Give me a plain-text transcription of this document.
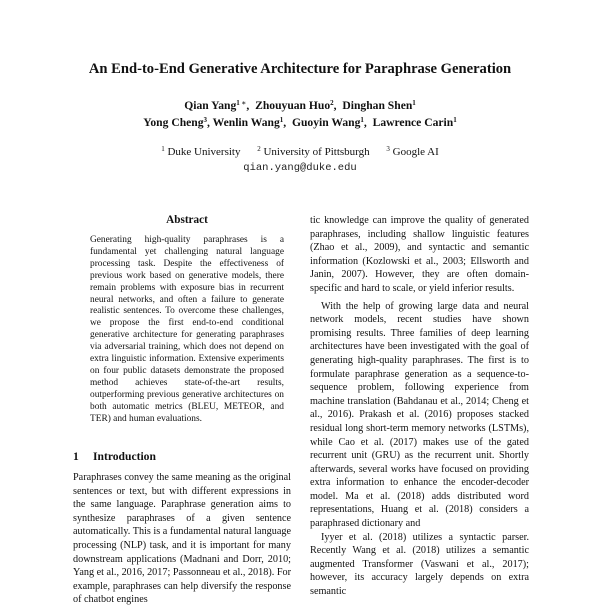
An End-to-End Generative Architecture for Paraphrase Generation
Qian Yang$^{1 ∗}$,  Zhouyuan Huo$^2$,  Dinghan Shen$^1$
Yong Cheng$^3$, Wenlin Wang$^1$,  Guoyin Wang$^1$,  Lawrence Carin$^1$
$^1$ Duke University $^2$ University of Pittsburgh $^3$ Google AI
qian.yang@duke.edu
Abstract

Generating high-quality paraphrases is a fundamental yet challenging natural language processing task. Despite the effectiveness of previous work based on generative models, there remain problems with exposure bias in recurrent neural networks, and often a failure to generate realistic sentences. To overcome these challenges, we propose the first end-to-end conditional generative architecture for generating paraphrases via adversarial training, which does not depend on extra linguistic information. Extensive experiments on four public datasets demonstrate the proposed method achieves state-of-the-art results, outperforming previous generative architectures on both automatic metrics (BLEU, METEOR, and TER) and human evaluations.

1 Introduction

Paraphrases convey the same meaning as the original sentences or text, but with different expressions in the same language. Paraphrase generation aims to synthesize paraphrases of a given sentence automatically. This is a fundamental natural language processing (NLP) task, and it is important for many downstream applications (Madnani and Dorr, 2010; Yang et al., 2016, 2017; Passonneau et al., 2018). For example, paraphrases can help diversify the response of chatbot engines

tic knowledge can improve the quality of generated paraphrases, including shallow linguistic features (Zhao et al., 2009), and syntactic and semantic information (Kozlowski et al., 2003; Ellsworth and Janin, 2007). However, they are often domain-specific and hard to scale, or yield inferior results.

With the help of growing large data and neural network models, recent studies have shown promising results. Three families of deep learning architectures have been investigated with the goal of generating high-quality paraphrases. The first is to formulate paraphrase generation as a sequence-to-sequence problem, following experience from machine translation (Bahdanau et al., 2014; Cheng et al., 2016). Prakash et al. (2016) proposes stacked residual long short-term memory networks (LSTMs), while Cao et al. (2017) makes use of the gated recurrent unit (GRU) as the recurrent unit. Shortly afterwards, several works have focused on providing extra information to enhance the encoder-decoder model. Ma et al. (2018) adds distributed word representations, Huang et al. (2018) considers a paraphrased dictionary and

Iyyer et al. (2018) utilizes a syntactic parser. Recently Wang et al. (2018) utilizes a semantic augmented Transformer (Vaswani et al., 2017); however, its accuracy largely depends on extra semantic
